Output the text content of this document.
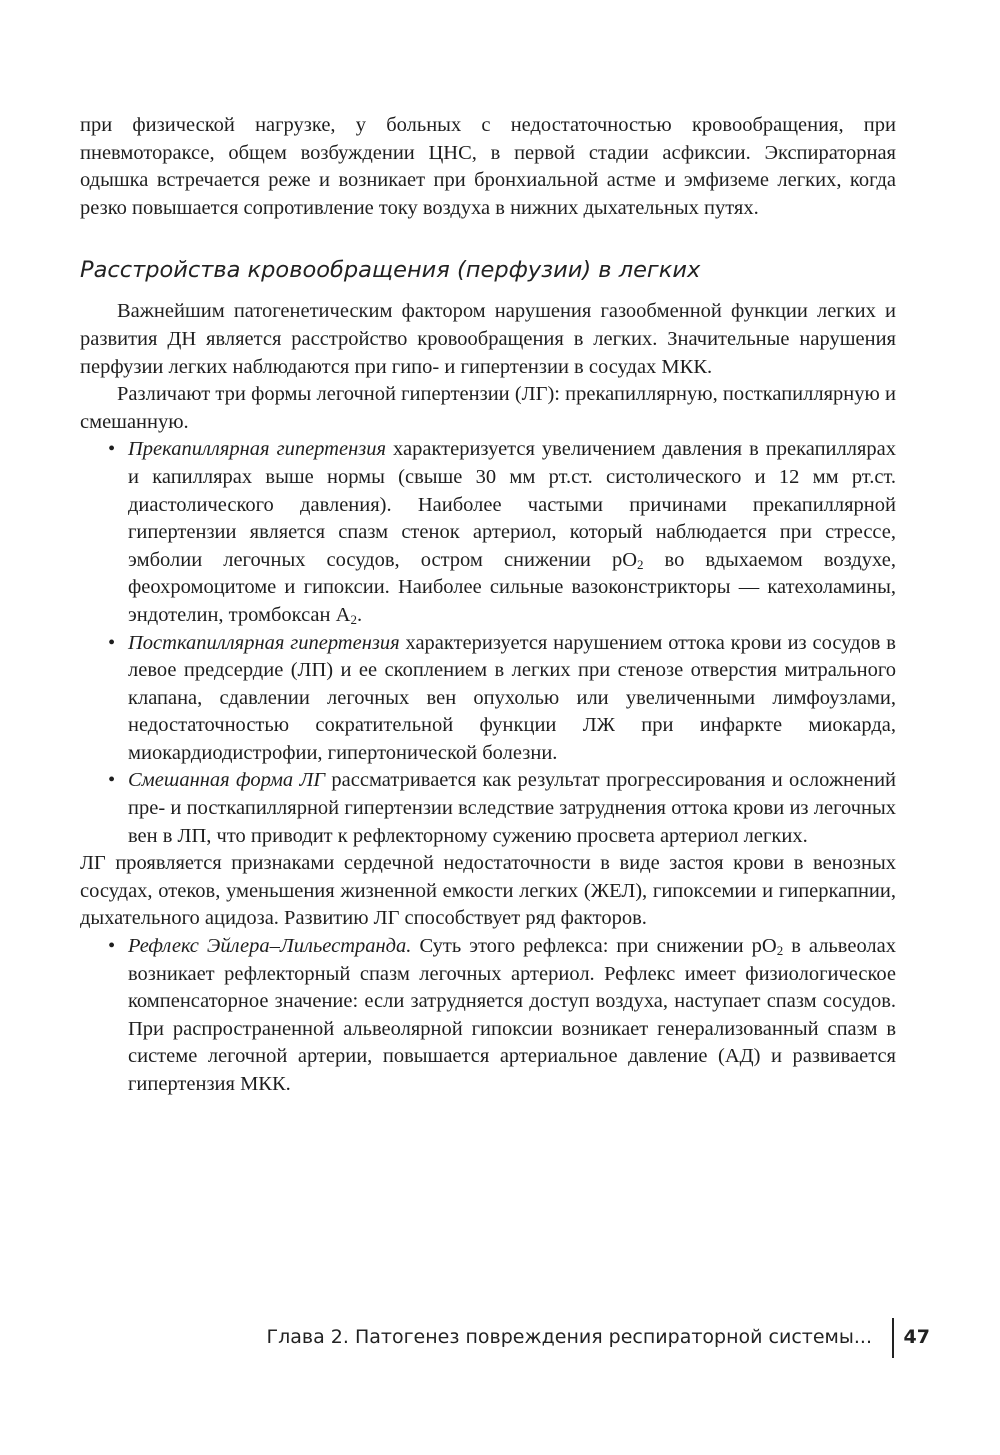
при физической нагрузке, у больных с недостаточностью кровообращения, при пневмотораксе, общем возбуждении ЦНС, в первой стадии асфиксии. Экспираторная одышка встречается реже и возникает при бронхиальной астме и эмфиземе легких, когда резко повышается сопротивление току воздуха в нижних дыхательных путях.

Расстройства кровообращения (перфузии) в легких

Важнейшим патогенетическим фактором нарушения газообменной функции легких и развития ДН является расстройство кровообращения в легких. Значительные нарушения перфузии легких наблюдаются при гипо- и гипертензии в сосудах МКК.

Различают три формы легочной гипертензии (ЛГ): прекапиллярную, посткапиллярную и смешанную.

• Прекапиллярная гипертензия характеризуется увеличением давления в прекапиллярах и капиллярах выше нормы (свыше 30 мм рт.ст. систолического и 12 мм рт.ст. диастолического давления). Наиболее частыми причинами прекапиллярной гипертензии является спазм стенок артериол, который наблюдается при стрессе, эмболии легочных сосудов, остром снижении $pO_2$ во вдыхаемом воздухе, феохромоцитоме и гипоксии. Наиболее сильные вазоконстрикторы — катехоламины, эндотелин, тромбоксан $А_2$.
• Посткапиллярная гипертензия характеризуется нарушением оттока крови из сосудов в левое предсердие (ЛП) и ее скоплением в легких при стенозе отверстия митрального клапана, сдавлении легочных вен опухолью или увеличенными лимфоузлами, недостаточностью сократительной функции ЛЖ при инфаркте миокарда, миокардиодистрофии, гипертонической болезни.
• Смешанная форма ЛГ рассматривается как результат прогрессирования и осложнений пре- и посткапиллярной гипертензии вследствие затруднения оттока крови из легочных вен в ЛП, что приводит к рефлекторному сужению просвета артериол легких.

ЛГ проявляется признаками сердечной недостаточности в виде застоя крови в венозных сосудах, отеков, уменьшения жизненной емкости легких (ЖЕЛ), гипоксемии и гиперкапнии, дыхательного ацидоза. Развитию ЛГ способствует ряд факторов.

• Рефлекс Эйлера–Лильестранда. Суть этого рефлекса: при снижении $pO_2$ в альвеолах возникает рефлекторный спазм легочных артериол. Рефлекс имеет физиологическое компенсаторное значение: если затрудняется доступ воздуха, наступает спазм сосудов. При распространенной альвеолярной гипоксии возникает генерализованный спазм в системе легочной артерии, повышается артериальное давление (АД) и развивается гипертензия МКК.
Глава 2. Патогенез повреждения респираторной системы... 47
